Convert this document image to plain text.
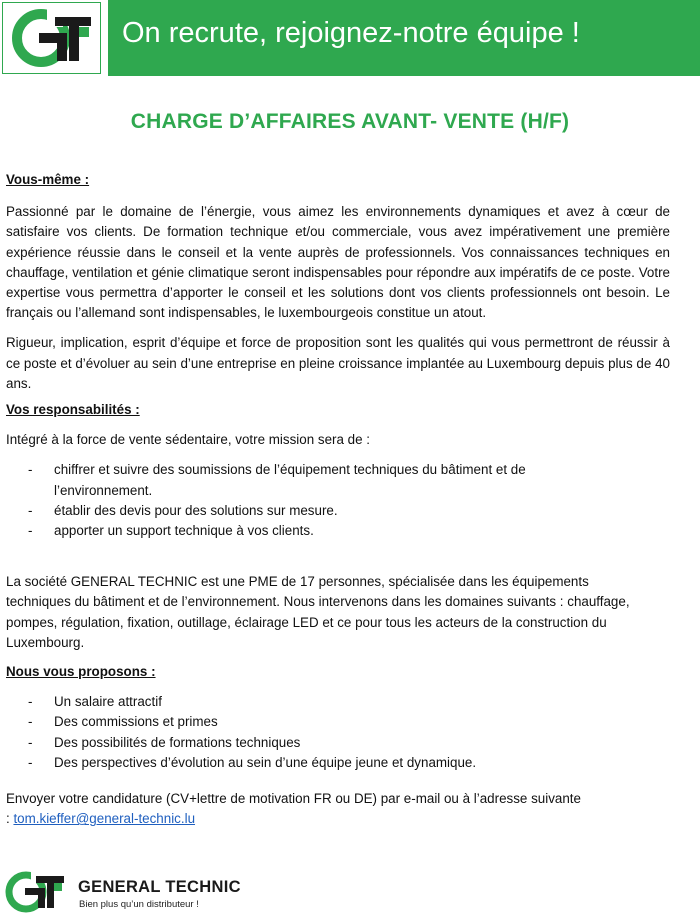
On recrute, rejoignez-notre équipe !
CHARGE D’AFFAIRES AVANT- VENTE (H/F)

Vous-même :

Passionné par le domaine de l’énergie, vous aimez les environnements dynamiques et avez à cœur de satisfaire vos clients. De formation technique et/ou commerciale, vous avez impérativement une première expérience réussie dans le conseil et la vente auprès de professionnels. Vos connaissances techniques en chauffage, ventilation et génie climatique seront indispensables pour répondre aux impératifs de ce poste. Votre expertise vous permettra d’apporter le conseil et les solutions dont vos clients professionnels ont besoin. Le français ou l’allemand sont indispensables, le luxembourgeois constitue un atout.

Rigueur, implication, esprit d’équipe et force de proposition sont les qualités qui vous permettront de réussir à ce poste et d’évoluer au sein d’une entreprise en pleine croissance implantée au Luxembourg depuis plus de 40 ans.

Vos responsabilités :

Intégré à la force de vente sédentaire, votre mission sera de :

- chiffrer et suivre des soumissions de l’équipement techniques du bâtiment et de l’environnement.
- établir des devis pour des solutions sur mesure.
- apporter un support technique à vos clients.

La société GENERAL TECHNIC est une PME de 17 personnes, spécialisée dans les équipements techniques du bâtiment et de l’environnement. Nous intervenons dans les domaines suivants : chauffage, pompes, régulation, fixation, outillage, éclairage LED et ce pour tous les acteurs de la construction du Luxembourg.

Nous vous proposons :

- Un salaire attractif
- Des commissions et primes
- Des possibilités de formations techniques
- Des perspectives d’évolution au sein d’une équipe jeune et dynamique.

Envoyer votre candidature (CV+lettre de motivation FR ou DE) par e-mail ou à l’adresse suivante : tom.kieffer@general-technic.lu

GENERAL TECHNIC
Bien plus qu’un distributeur !
